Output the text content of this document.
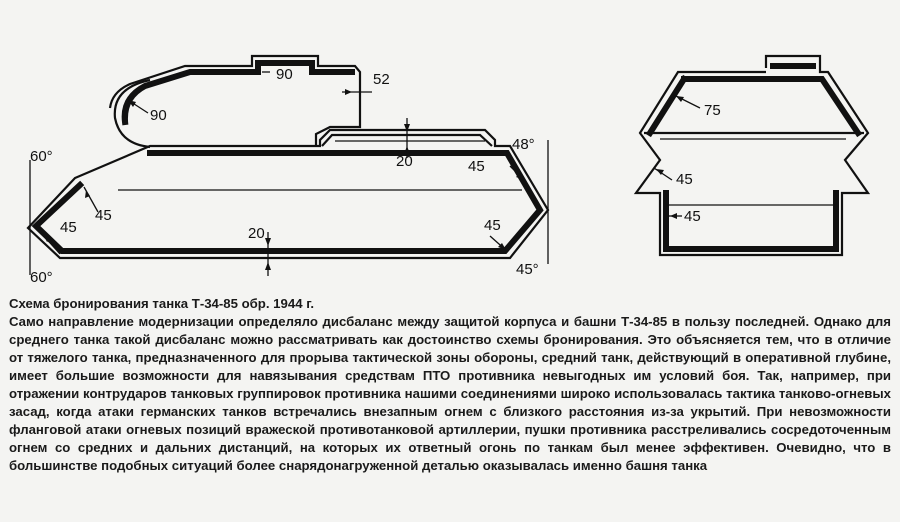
90
90
52
20
60°
45
45
60°
20
45
48°
45
45°
75
45
45
Схема бронирования танка Т-34-85 обр. 1944 г.
Само направление модернизации определяло дисбаланс между защитой корпуса и башни Т-34-85 в пользу последней. Однако для среднего танка такой дисбаланс можно рассматривать как достоинство схемы бронирования. Это объясняется тем, что в отличие от тяжелого танка, предназначенного для прорыва тактической зоны обороны, средний танк, действующий в оперативной глубине, имеет большие возможности для навязывания средствам ПТО противника невыгодных им условий боя. Так, например, при отражении контрударов танковых группировок противника нашими соединениями широко использовалась тактика танково-огневых засад, когда атаки германских танков встречались внезапным огнем с близкого расстояния из-за укрытий. При невозможности фланговой атаки огневых позиций вражеской противотанковой артиллерии, пушки противника расстреливались сосредоточенным огнем со средних и дальних дистанций, на которых их ответный огонь по танкам был менее эффективен. Очевидно, что в большинстве подобных ситуаций более снарядонагруженной деталью оказывалась именно башня танка
